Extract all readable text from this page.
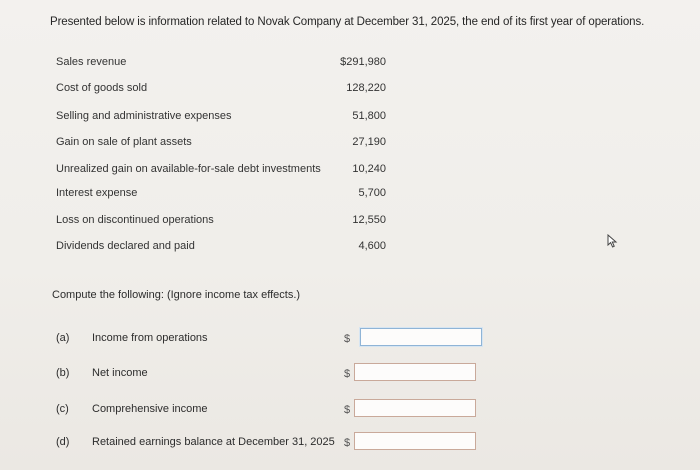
Presented below is information related to Novak Company at December 31, 2025, the end of its first year of operations.
Sales revenue	$291,980
Cost of goods sold	128,220
Selling and administrative expenses	51,800
Gain on sale of plant assets	27,190
Unrealized gain on available-for-sale debt investments	10,240
Interest expense	5,700
Loss on discontinued operations	12,550
Dividends declared and paid	4,600
Compute the following: (Ignore income tax effects.)
(a) Income from operations	$
(b) Net income	$
(c) Comprehensive income	$
(d) Retained earnings balance at December 31, 2025 $
